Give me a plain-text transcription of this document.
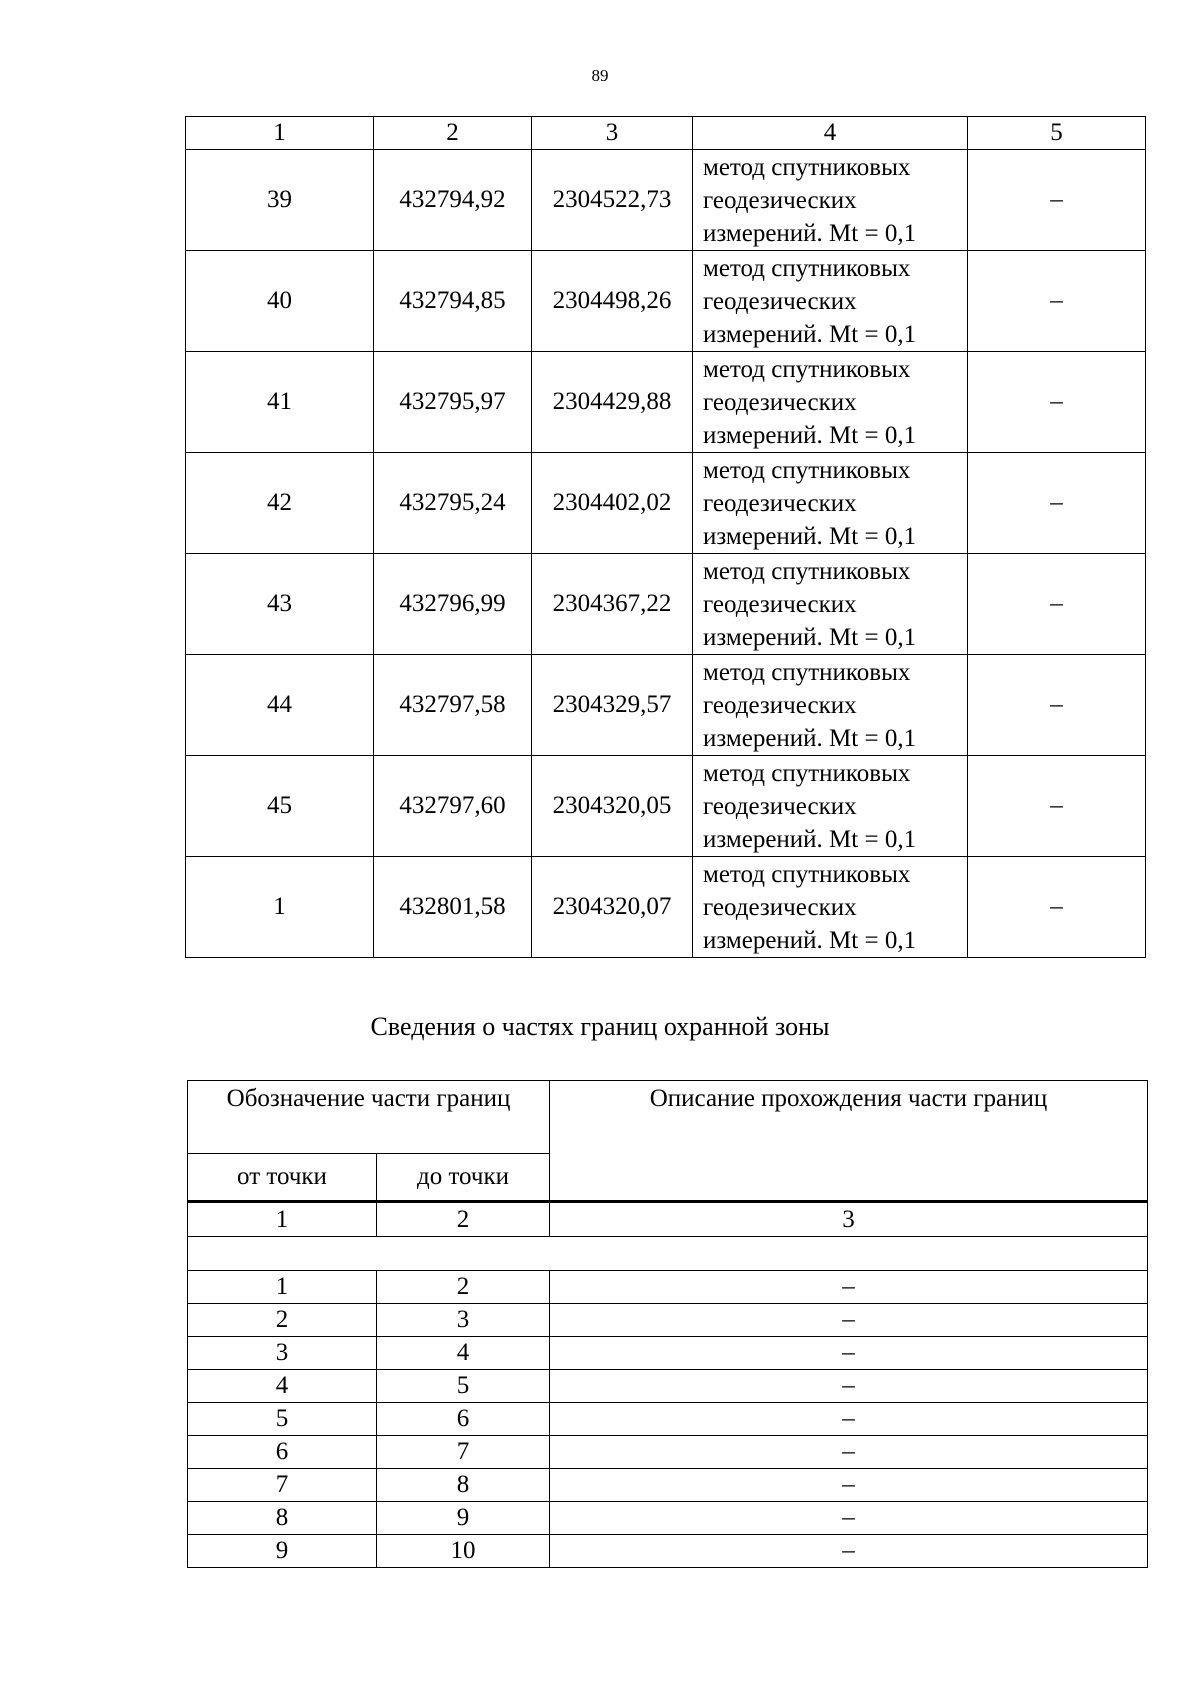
89
1	2	3	4	5
39	432794,92	2304522,73	метод спутниковых
геодезических
измерений. Mt = 0,1	–
40	432794,85	2304498,26	метод спутниковых
геодезических
измерений. Mt = 0,1	–
41	432795,97	2304429,88	метод спутниковых
геодезических
измерений. Mt = 0,1	–
42	432795,24	2304402,02	метод спутниковых
геодезических
измерений. Mt = 0,1	–
43	432796,99	2304367,22	метод спутниковых
геодезических
измерений. Mt = 0,1	–
44	432797,58	2304329,57	метод спутниковых
геодезических
измерений. Mt = 0,1	–
45	432797,60	2304320,05	метод спутниковых
геодезических
измерений. Mt = 0,1	–
1	432801,58	2304320,07	метод спутниковых
геодезических
измерений. Mt = 0,1	–
Сведения о частях границ охранной зоны
Обозначение части границ		Описание прохождения части границ
от точки	до точки	
1	2	3

1	2	–
2	3	–
3	4	–
4	5	–
5	6	–
6	7	–
7	8	–
8	9	–
9	10	–
